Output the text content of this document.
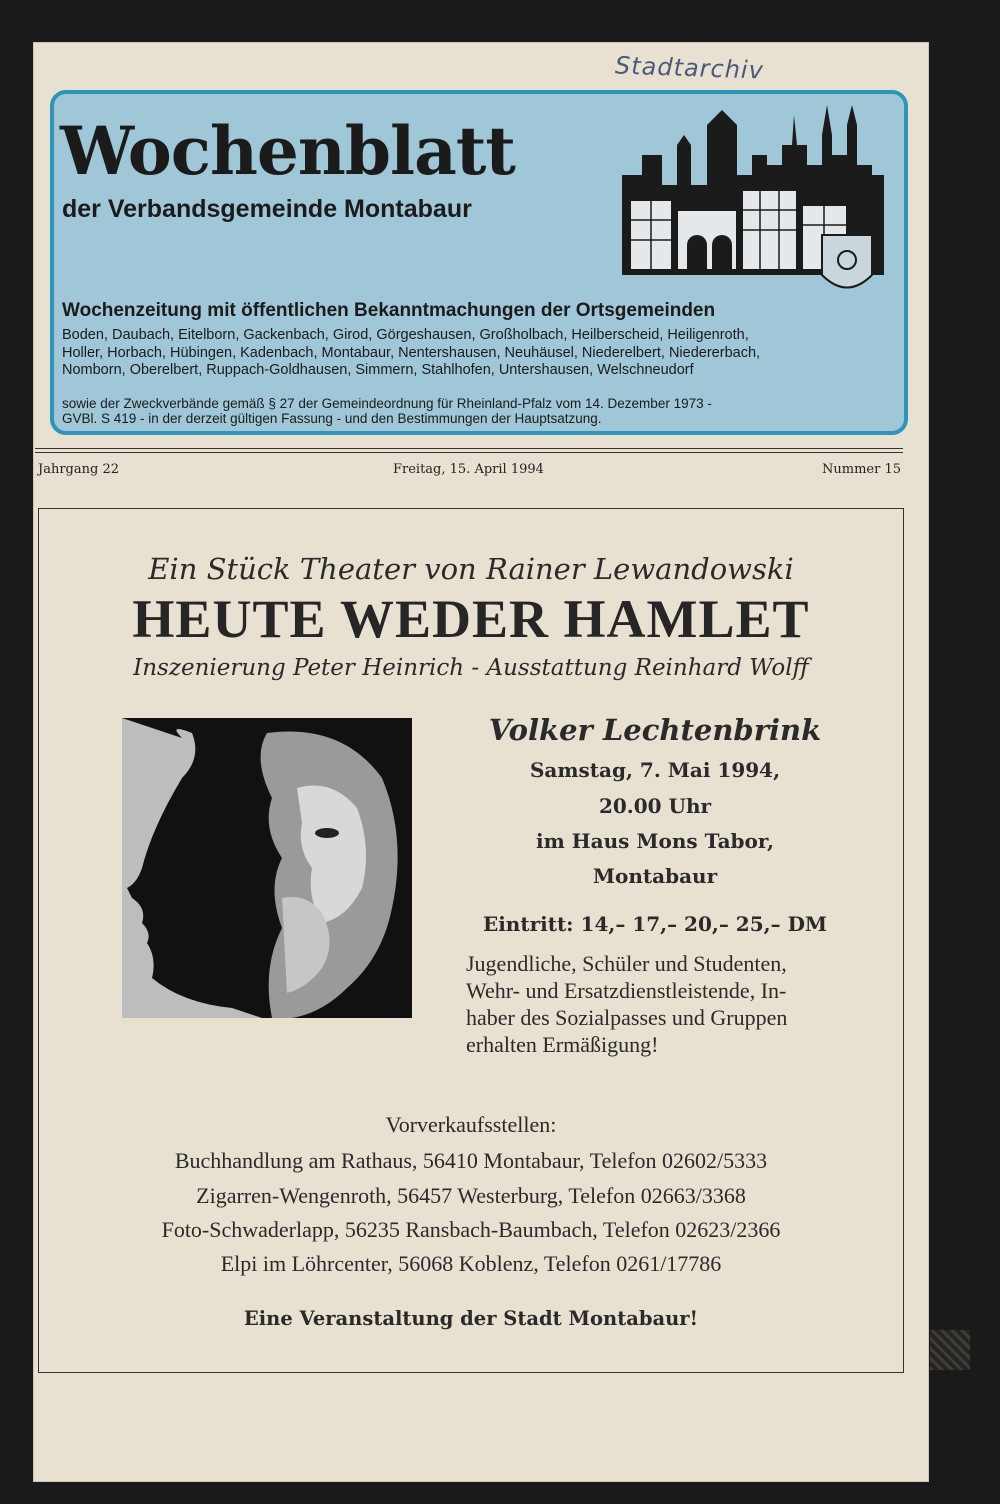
Stadtarchiv
Wochenblatt
der Verbandsgemeinde Montabaur
Wochenzeitung mit öffentlichen Bekanntmachungen der Ortsgemeinden
Boden, Daubach, Eitelborn, Gackenbach, Girod, Görgeshausen, Großholbach, Heilberscheid, Heiligenroth,
Holler, Horbach, Hübingen, Kadenbach, Montabaur, Nentershausen, Neuhäusel, Niederelbert, Niedererbach,
Nomborn, Oberelbert, Ruppach-Goldhausen, Simmern, Stahlhofen, Untershausen, Welschneudorf
sowie der Zweckverbände gemäß § 27 der Gemeindeordnung für Rheinland-Pfalz vom 14. Dezember 1973 -
GVBl. S 419 - in der derzeit gültigen Fassung - und den Bestimmungen der Hauptsatzung.
Jahrgang 22	Freitag, 15. April 1994	Nummer 15
Ein Stück Theater von Rainer Lewandowski
HEUTE WEDER HAMLET
Inszenierung Peter Heinrich - Ausstattung Reinhard Wolff
Volker Lechtenbrink
Samstag, 7. Mai 1994,
20.00 Uhr
im Haus Mons Tabor,
Montabaur
Eintritt: 14,– 17,– 20,– 25,– DM
Jugendliche, Schüler und Studenten,
Wehr- und Ersatzdienstleistende, In-
haber des Sozialpasses und Gruppen
erhalten Ermäßigung!
Vorverkaufsstellen:
Buchhandlung am Rathaus, 56410 Montabaur, Telefon 02602/5333
Zigarren-Wengenroth, 56457 Westerburg, Telefon 02663/3368
Foto-Schwaderlapp, 56235 Ransbach-Baumbach, Telefon 02623/2366
Elpi im Löhrcenter, 56068 Koblenz, Telefon 0261/17786
Eine Veranstaltung der Stadt Montabaur!
